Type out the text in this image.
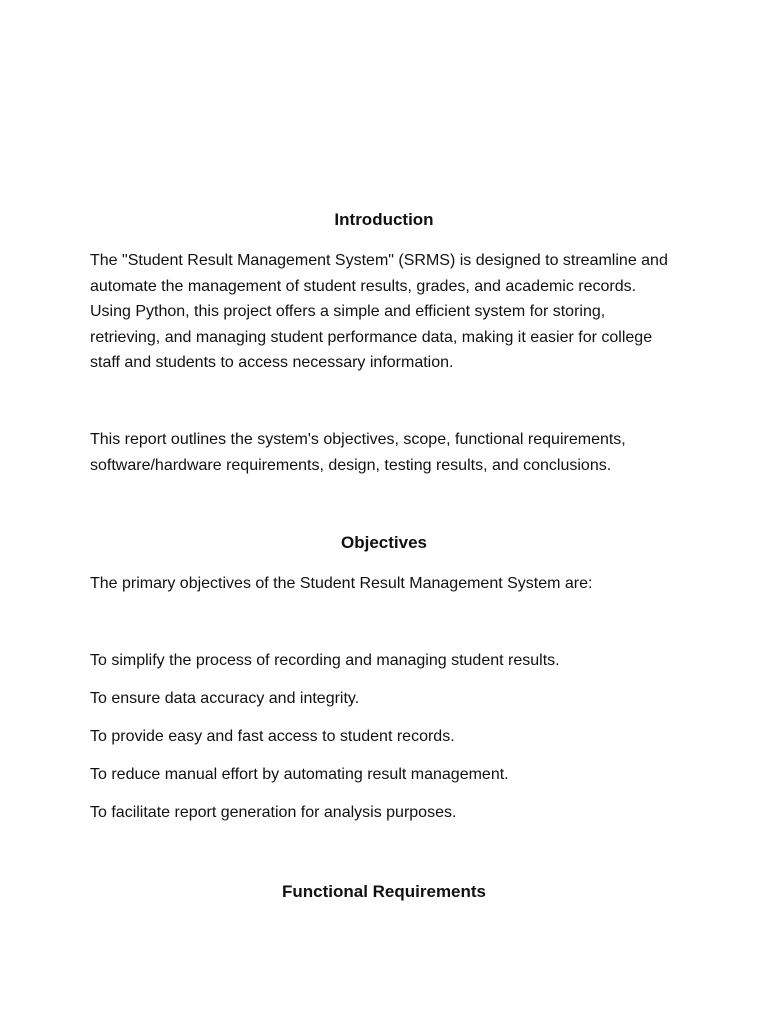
Introduction

The "Student Result Management System" (SRMS) is designed to streamline and
automate the management of student results, grades, and academic records.
Using Python, this project offers a simple and efficient system for storing,
retrieving, and managing student performance data, making it easier for college
staff and students to access necessary information.

This report outlines the system's objectives, scope, functional requirements,
software/hardware requirements, design, testing results, and conclusions.

Objectives

The primary objectives of the Student Result Management System are:

To simplify the process of recording and managing student results.

To ensure data accuracy and integrity.

To provide easy and fast access to student records.

To reduce manual effort by automating result management.

To facilitate report generation for analysis purposes.

Functional Requirements
